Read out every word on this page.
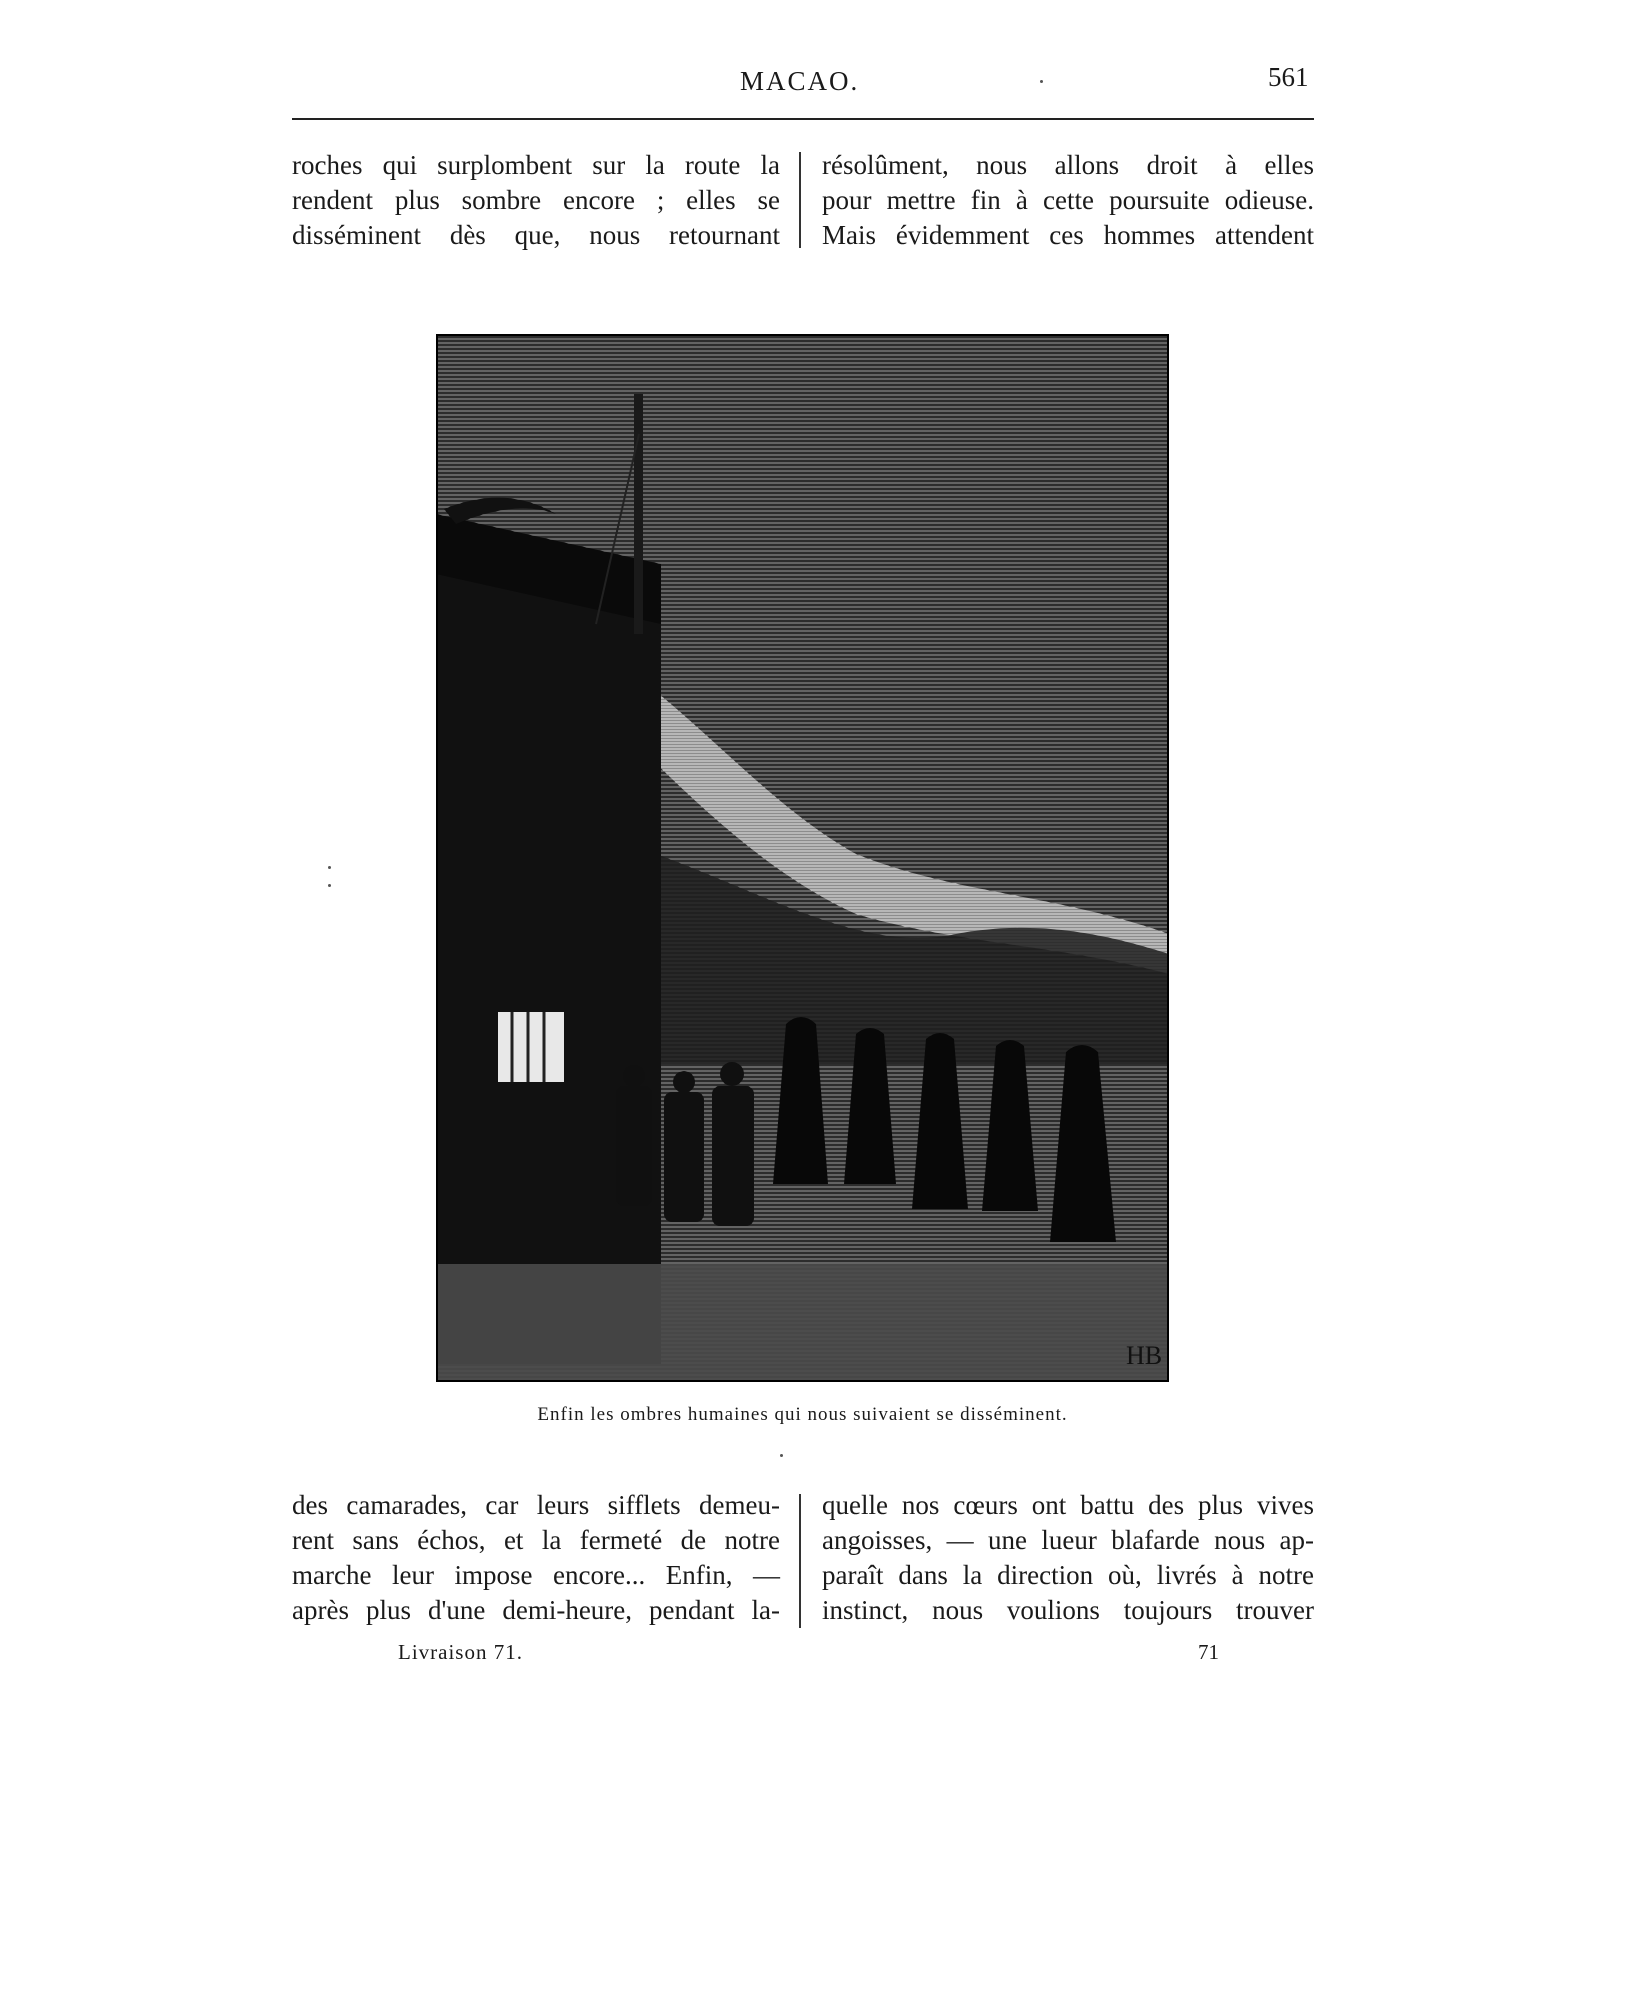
MACAO.	561
roches qui surplombent sur la route la
rendent plus sombre encore ; elles se
disséminent dès que, nous retournant
résolûment, nous allons droit à elles
pour mettre fin à cette poursuite odieuse.
Mais évidemment ces hommes attendent
HB
Enfin les ombres humaines qui nous suivaient se disséminent.
des camarades, car leurs sifflets demeu-
rent sans échos, et la fermeté de notre
marche leur impose encore... Enfin, —
après plus d'une demi-heure, pendant la-
quelle nos cœurs ont battu des plus vives
angoisses, — une lueur blafarde nous ap-
paraît dans la direction où, livrés à notre
instinct, nous voulions toujours trouver
Livraison 71.	71
